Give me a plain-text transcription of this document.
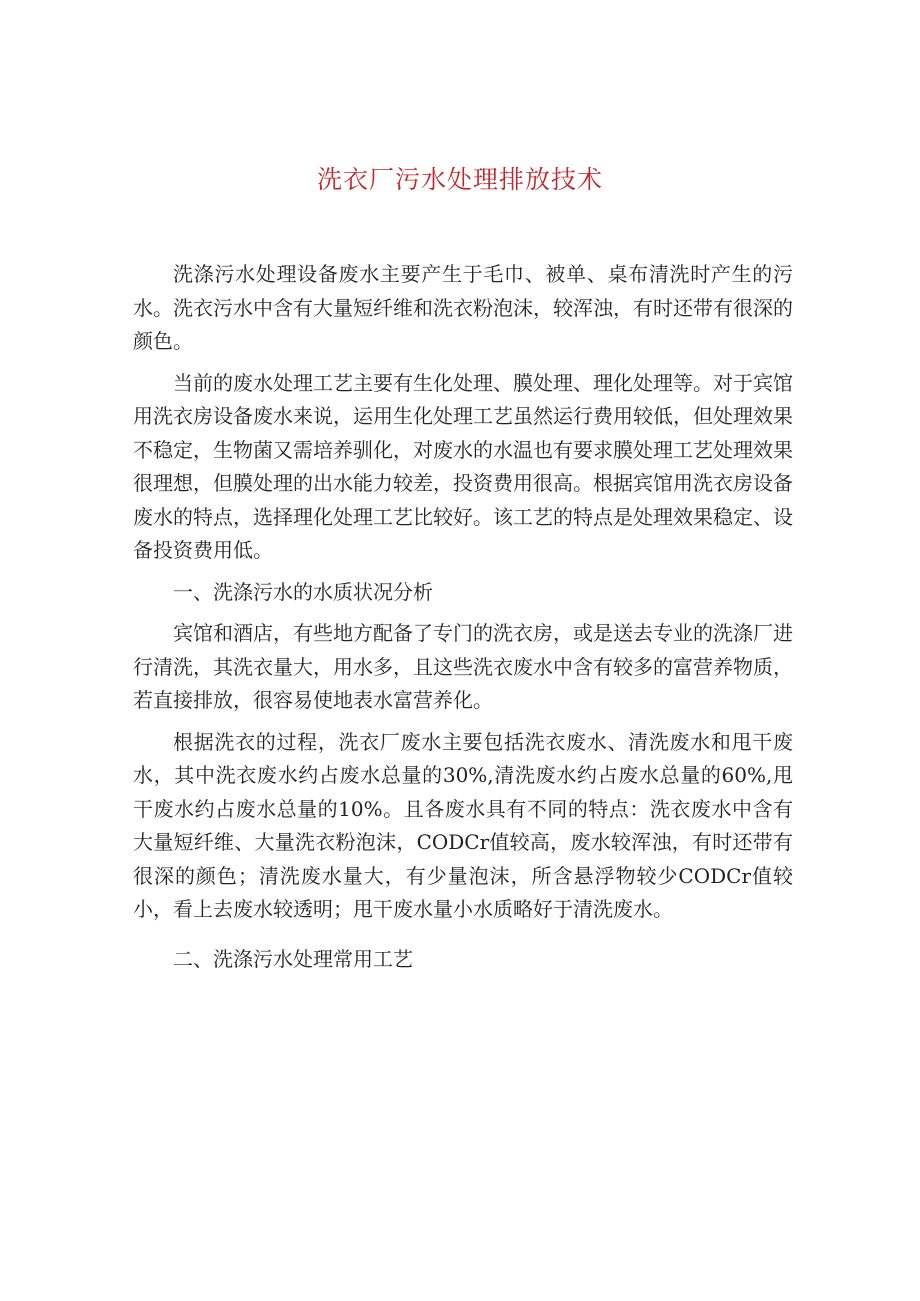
洗衣厂污水处理排放技术

洗涤污水处理设备废水主要产生于毛巾、被单、桌布清洗时产生的污水。洗衣污水中含有大量短纤维和洗衣粉泡沫，较浑浊，有时还带有很深的颜色。

当前的废水处理工艺主要有生化处理、膜处理、理化处理等。对于宾馆用洗衣房设备废水来说，运用生化处理工艺虽然运行费用较低，但处理效果不稳定，生物菌又需培养驯化，对废水的水温也有要求膜处理工艺处理效果很理想，但膜处理的出水能力较差，投资费用很高。根据宾馆用洗衣房设备废水的特点，选择理化处理工艺比较好。该工艺的特点是处理效果稳定、设备投资费用低。

一、洗涤污水的水质状况分析

宾馆和酒店，有些地方配备了专门的洗衣房，或是送去专业的洗涤厂进行清洗，其洗衣量大，用水多，且这些洗衣废水中含有较多的富营养物质，若直接排放，很容易使地表水富营养化。

根据洗衣的过程，洗衣厂废水主要包括洗衣废水、清洗废水和甩干废水，其中洗衣废水约占废水总量的30%,清洗废水约占废水总量的60%,甩干废水约占废水总量的10%。且各废水具有不同的特点：洗衣废水中含有大量短纤维、大量洗衣粉泡沫，CODCr值较高，废水较浑浊，有时还带有很深的颜色；清洗废水量大，有少量泡沫，所含悬浮物较少CODCr值较小，看上去废水较透明；甩干废水量小水质略好于清洗废水。

二、洗涤污水处理常用工艺
